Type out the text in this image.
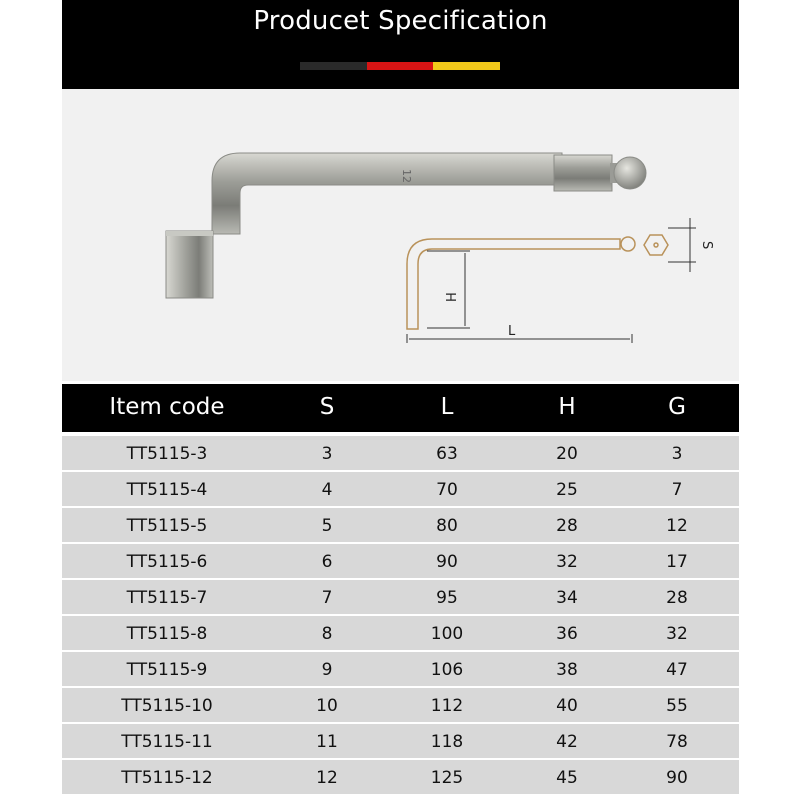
Producet Specification
12
H
L
S
Item code	S	L	H	G
TT5115-3	3	63	20	3
TT5115-4	4	70	25	7
TT5115-5	5	80	28	12
TT5115-6	6	90	32	17
TT5115-7	7	95	34	28
TT5115-8	8	100	36	32
TT5115-9	9	106	38	47
TT5115-10	10	112	40	55
TT5115-11	11	118	42	78
TT5115-12	12	125	45	90
